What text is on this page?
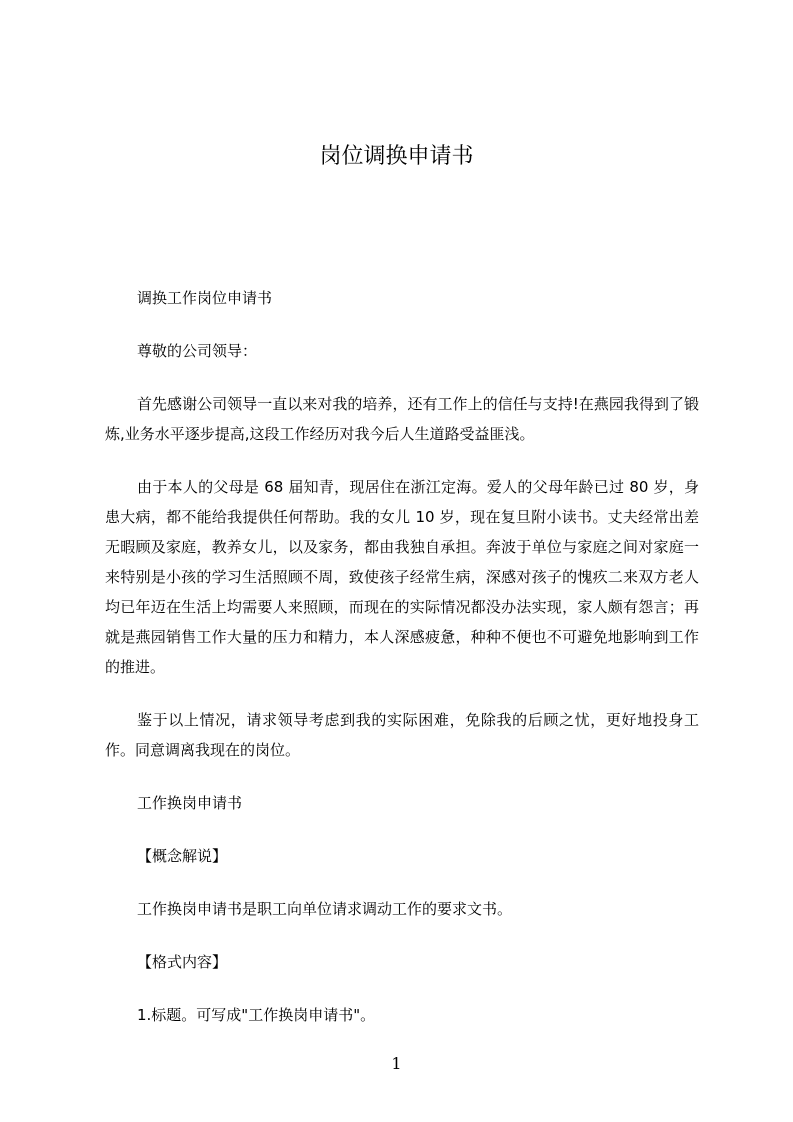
岗位调换申请书

调换工作岗位申请书

尊敬的公司领导：

首先感谢公司领导一直以来对我的培养，还有工作上的信任与支持!在燕园我得到了锻炼,业务水平逐步提高,这段工作经历对我今后人生道路受益匪浅。

由于本人的父母是 68 届知青，现居住在浙江定海。爱人的父母年龄已过 80 岁，身患大病，都不能给我提供任何帮助。我的女儿 10 岁，现在复旦附小读书。丈夫经常出差无暇顾及家庭，教养女儿，以及家务，都由我独自承担。奔波于单位与家庭之间对家庭一来特别是小孩的学习生活照顾不周，致使孩子经常生病，深感对孩子的愧疚二来双方老人均已年迈在生活上均需要人来照顾，而现在的实际情况都没办法实现，家人颇有怨言；再就是燕园销售工作大量的压力和精力，本人深感疲惫，种种不便也不可避免地影响到工作的推进。

鉴于以上情况，请求领导考虑到我的实际困难，免除我的后顾之忧，更好地投身工作。同意调离我现在的岗位。

工作换岗申请书

【概念解说】

工作换岗申请书是职工向单位请求调动工作的要求文书。

【格式内容】

1.标题。可写成"工作换岗申请书"。

1
